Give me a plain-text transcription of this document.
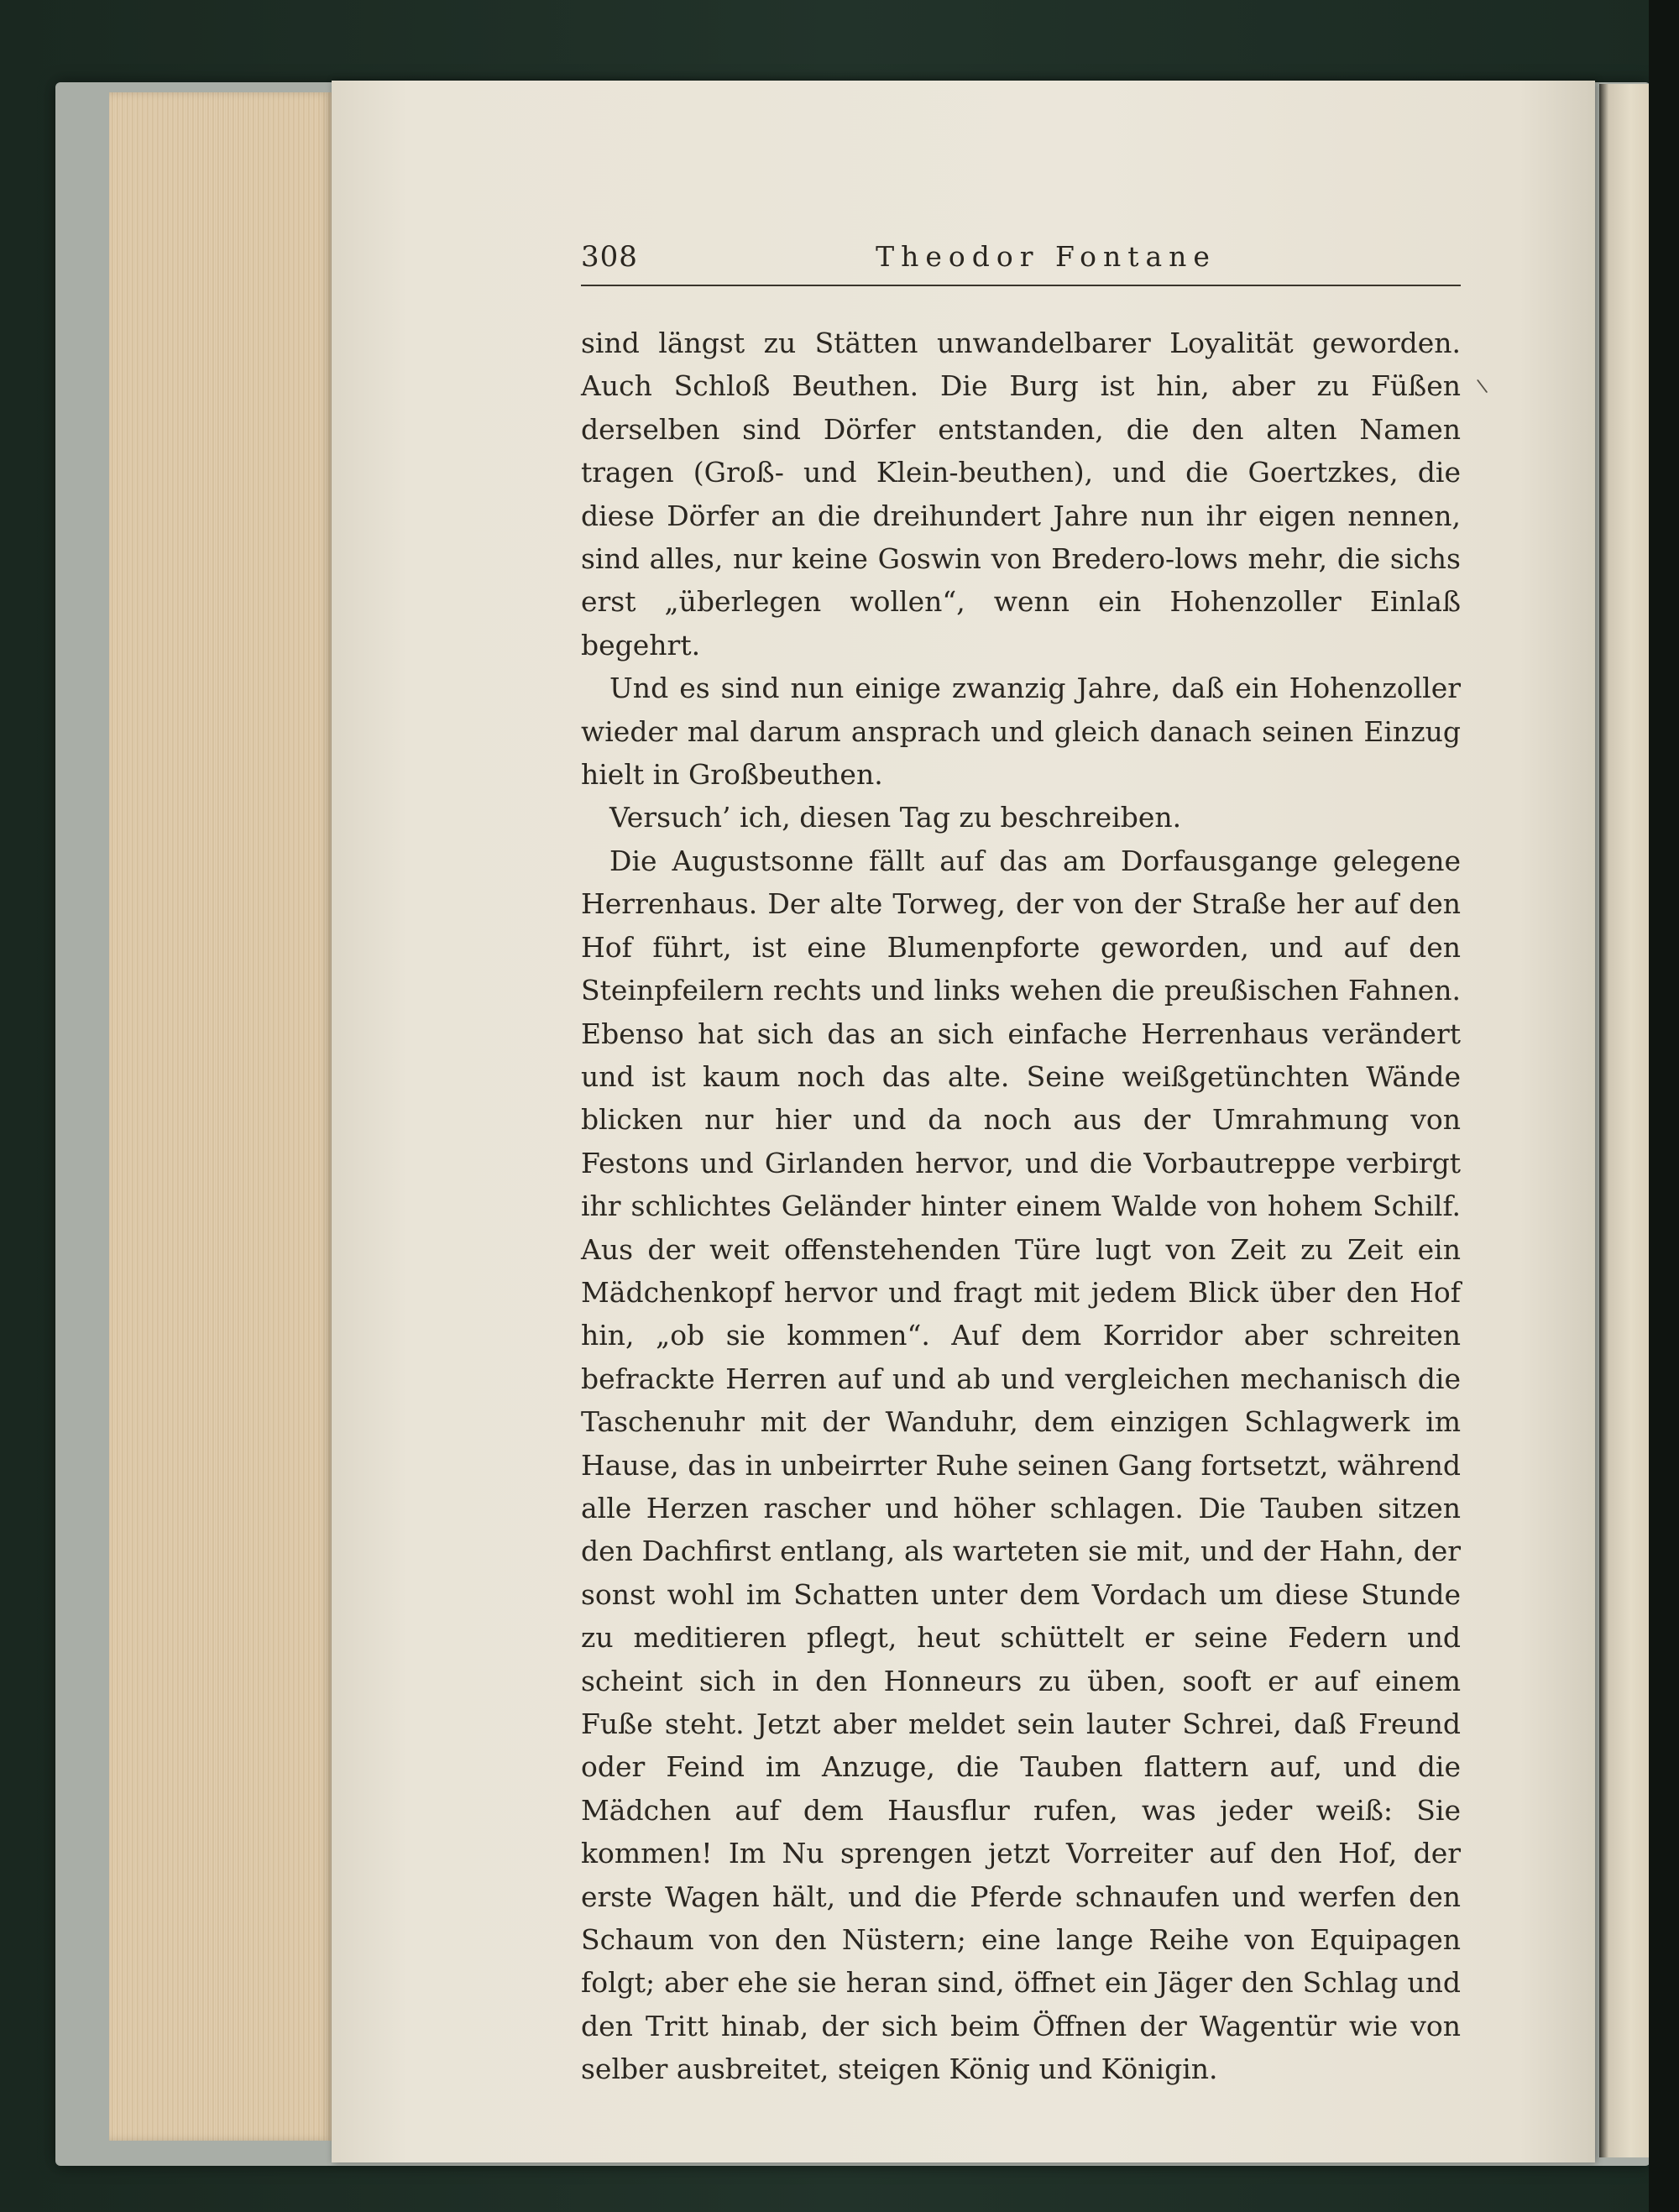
308	Theodor Fontane
\

sind längst zu Stätten unwandelbarer Loyalität geworden. Auch Schloß Beuthen. Die Burg ist hin, aber zu Füßen derselben sind Dörfer entstanden, die den alten Namen tragen (Groß- und Klein-beuthen), und die Goertzkes, die diese Dörfer an die dreihundert Jahre nun ihr eigen nennen, sind alles, nur keine Goswin von Bredero-lows mehr, die sichs erst „überlegen wollen“, wenn ein Hohenzoller Einlaß begehrt.

Und es sind nun einige zwanzig Jahre, daß ein Hohenzoller wieder mal darum ansprach und gleich danach seinen Einzug hielt in Großbeuthen.

Versuch’ ich, diesen Tag zu beschreiben.

Die Augustsonne fällt auf das am Dorfausgange gelegene Herrenhaus. Der alte Torweg, der von der Straße her auf den Hof führt, ist eine Blumenpforte geworden, und auf den Steinpfeilern rechts und links wehen die preußischen Fahnen. Ebenso hat sich das an sich einfache Herrenhaus verändert und ist kaum noch das alte. Seine weißgetünchten Wände blicken nur hier und da noch aus der Umrahmung von Festons und Girlanden hervor, und die Vorbautreppe verbirgt ihr schlichtes Geländer hinter einem Walde von hohem Schilf. Aus der weit offenstehenden Türe lugt von Zeit zu Zeit ein Mädchenkopf hervor und fragt mit jedem Blick über den Hof hin, „ob sie kommen“. Auf dem Korridor aber schreiten befrackte Herren auf und ab und vergleichen mechanisch die Taschenuhr mit der Wanduhr, dem einzigen Schlagwerk im Hause, das in unbeirrter Ruhe seinen Gang fortsetzt, während alle Herzen rascher und höher schlagen. Die Tauben sitzen den Dachfirst entlang, als warteten sie mit, und der Hahn, der sonst wohl im Schatten unter dem Vordach um diese Stunde zu meditieren pflegt, heut schüttelt er seine Federn und scheint sich in den Honneurs zu üben, sooft er auf einem Fuße steht. Jetzt aber meldet sein lauter Schrei, daß Freund oder Feind im Anzuge, die Tauben flattern auf, und die Mädchen auf dem Hausflur rufen, was jeder weiß: Sie kommen! Im Nu sprengen jetzt Vorreiter auf den Hof, der erste Wagen hält, und die Pferde schnaufen und werfen den Schaum von den Nüstern; eine lange Reihe von Equipagen folgt; aber ehe sie heran sind, öffnet ein Jäger den Schlag und den Tritt hinab, der sich beim Öffnen der Wagentür wie von selber ausbreitet, steigen König und Königin.
